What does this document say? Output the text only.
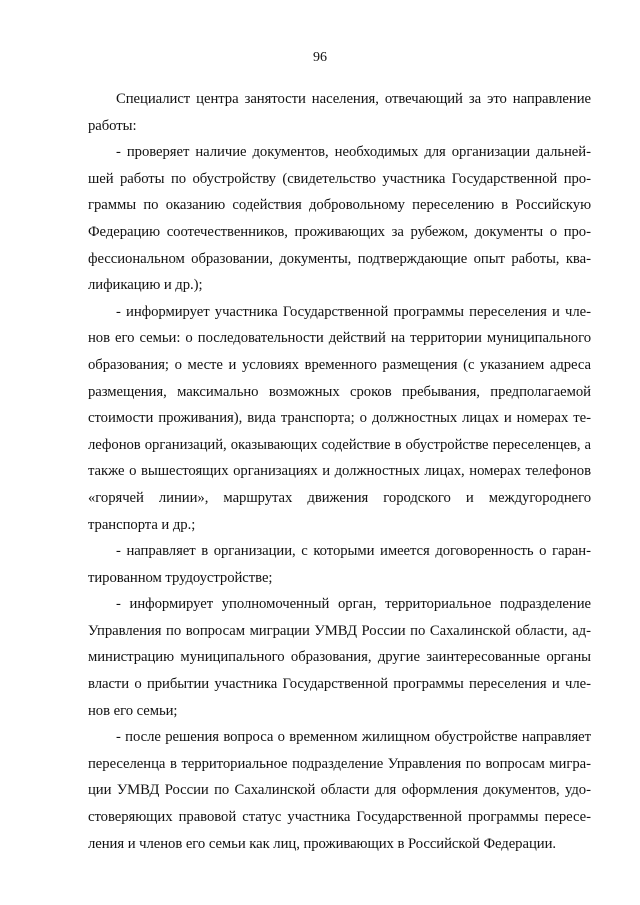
96

Специалист центра занятости населения, отвечающий за это направление работы:

- проверяет наличие документов, необходимых для организации дальнейшей работы по обустройству (свидетельство участника Государственной программы по оказанию содействия добровольному переселению в Российскую Федерацию соотечественников, проживающих за рубежом, документы о профессиональном образовании, документы, подтверждающие опыт работы, квалификацию и др.);

- информирует участника Государственной программы переселения и членов его семьи: о последовательности действий на территории муниципального образования; о месте и условиях временного размещения (с указанием адреса размещения, максимально возможных сроков пребывания, предполагаемой стоимости проживания), вида транспорта; о должностных лицах и номерах телефонов организаций, оказывающих содействие в обустройстве переселенцев, а также о вышестоящих организациях и должностных лицах, номерах телефонов «горячей линии», маршрутах движения городского и междугороднего транспорта и др.;

- направляет в организации, с которыми имеется договоренность о гарантированном трудоустройстве;

- информирует уполномоченный орган, территориальное подразделение Управления по вопросам миграции УМВД России по Сахалинской области, администрацию муниципального образования, другие заинтересованные органы власти о прибытии участника Государственной программы переселения и членов его семьи;

- после решения вопроса о временном жилищном обустройстве направляет переселенца в территориальное подразделение Управления по вопросам миграции УМВД России по Сахалинской области для оформления документов, удостоверяющих правовой статус участника Государственной программы переселения и членов его семьи как лиц, проживающих в Российской Федерации.
